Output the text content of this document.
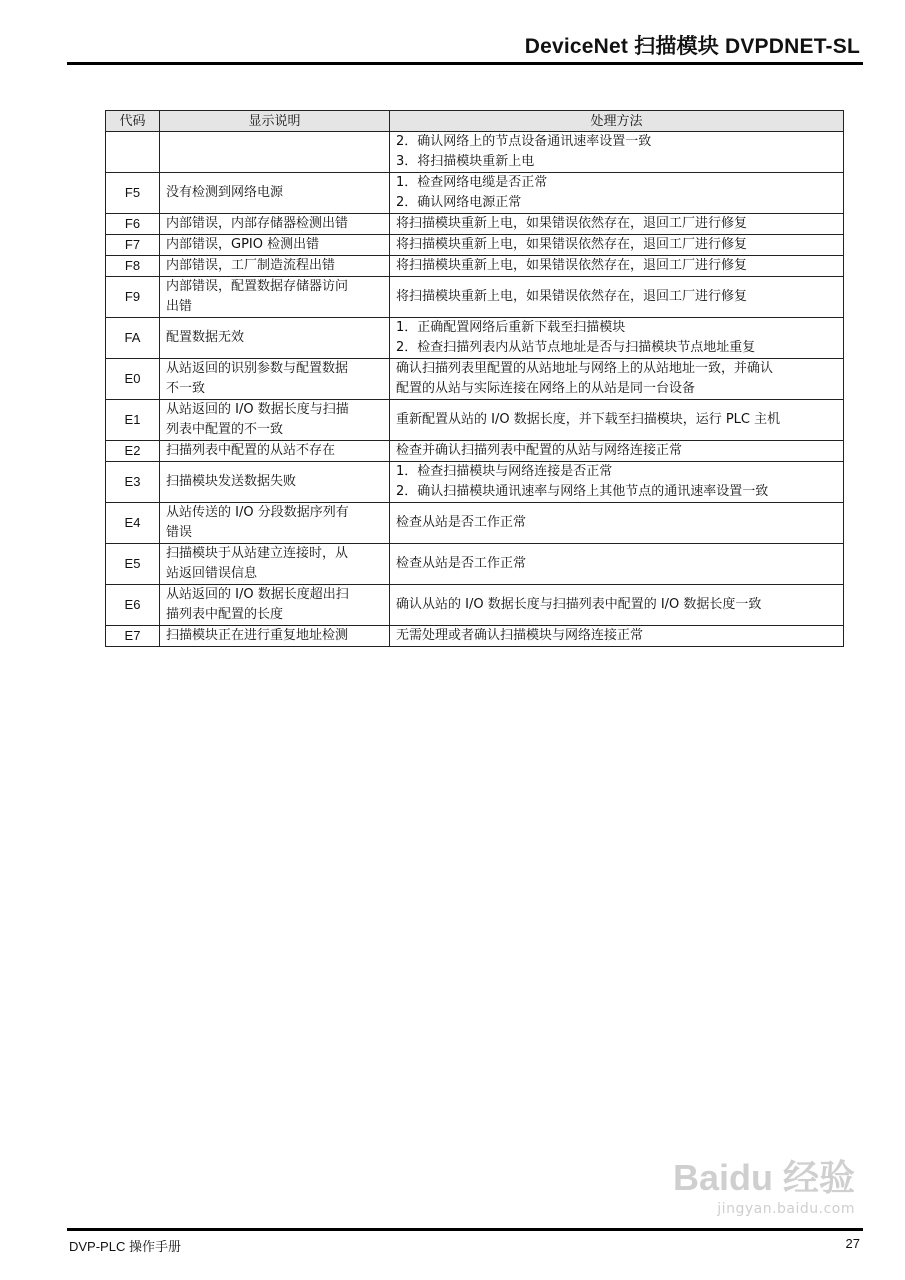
DeviceNet 扫描模块 DVPDNET-SL
代码	显示说明	处理方法

		2．确认网络上的节点设备通讯速率设置一致
3．将扫描模块重新上电

F5	没有检测到网络电源	1．检查网络电缆是否正常
2．确认网络电源正常

F6	内部错误，内部存储器检测出错	将扫描模块重新上电，如果错误依然存在，退回工厂进行修复

F7	内部错误，GPIO 检测出错	将扫描模块重新上电，如果错误依然存在，退回工厂进行修复

F8	内部错误，工厂制造流程出错	将扫描模块重新上电，如果错误依然存在，退回工厂进行修复

F9	内部错误，配置数据存储器访问
出错	将扫描模块重新上电，如果错误依然存在，退回工厂进行修复

FA	配置数据无效	1．正确配置网络后重新下载至扫描模块
2．检查扫描列表内从站节点地址是否与扫描模块节点地址重复

E0	从站返回的识别参数与配置数据
不一致	确认扫描列表里配置的从站地址与网络上的从站地址一致，并确认
配置的从站与实际连接在网络上的从站是同一台设备

E1	从站返回的 I/O 数据长度与扫描
列表中配置的不一致	重新配置从站的 I/O 数据长度，并下载至扫描模块，运行 PLC 主机

E2	扫描列表中配置的从站不存在	检查并确认扫描列表中配置的从站与网络连接正常

E3	扫描模块发送数据失败	1．检查扫描模块与网络连接是否正常
2．确认扫描模块通讯速率与网络上其他节点的通讯速率设置一致

E4	从站传送的 I/O 分段数据序列有
错误	检查从站是否工作正常

E5	扫描模块于从站建立连接时，从
站返回错误信息	检查从站是否工作正常

E6	从站返回的 I/O 数据长度超出扫
描列表中配置的长度	确认从站的 I/O 数据长度与扫描列表中配置的 I/O 数据长度一致

E7	扫描模块正在进行重复地址检测	无需处理或者确认扫描模块与网络连接正常
DVP-PLC 操作手册	27
Baidu 经验
jingyan.baidu.com
